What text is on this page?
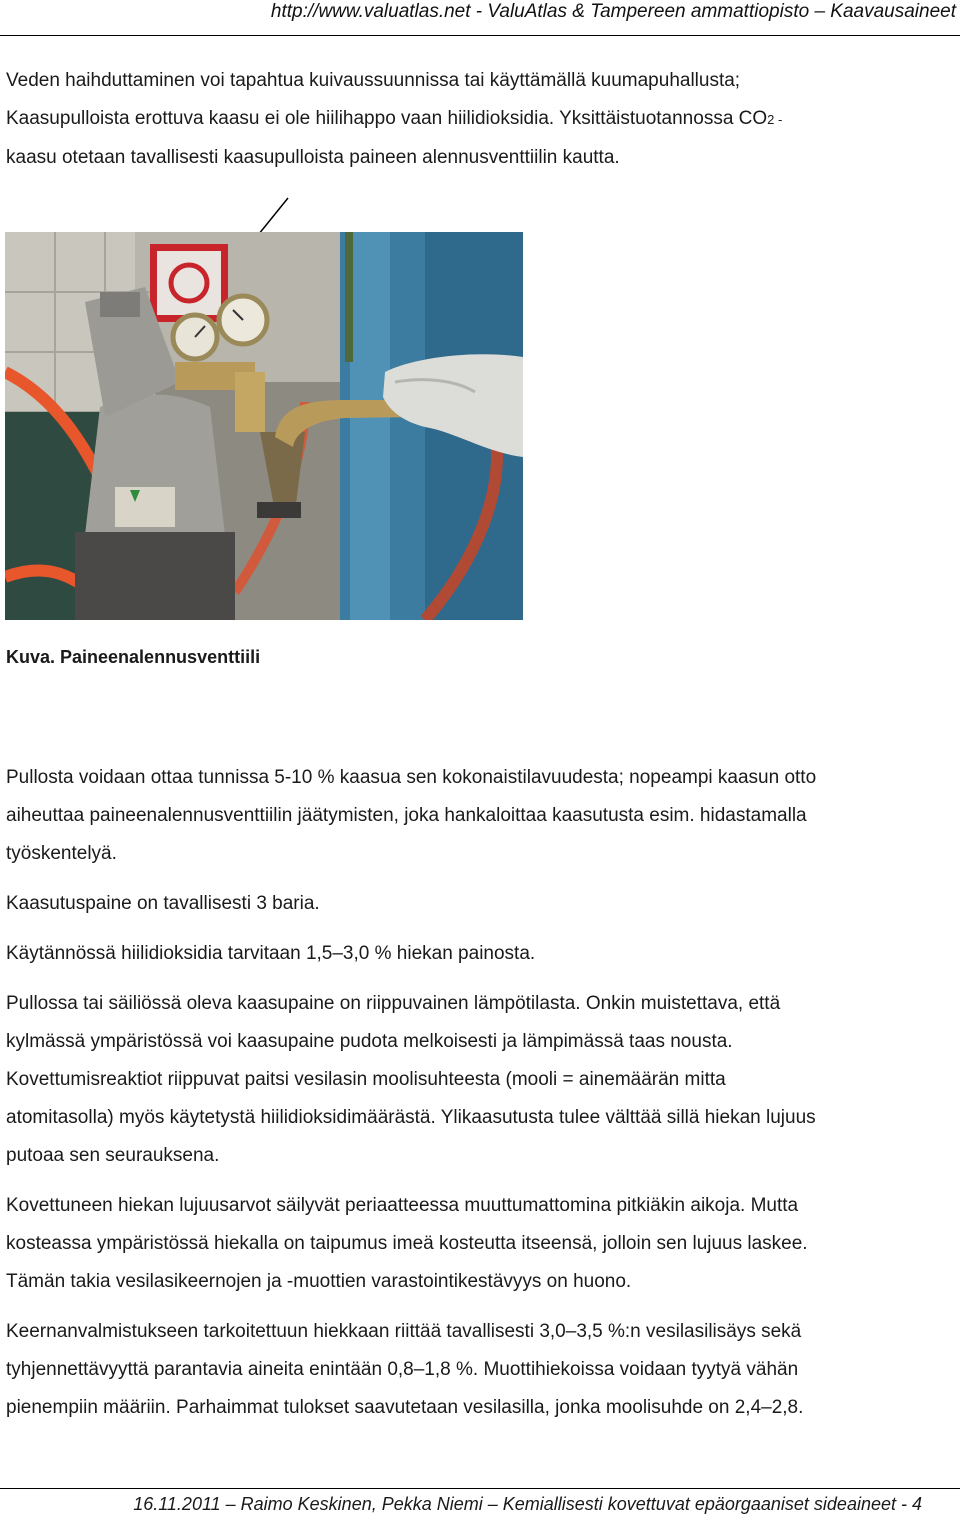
http://www.valuatlas.net - ValuAtlas & Tampereen ammattiopisto – Kaavausaineet
Veden haihduttaminen voi tapahtua kuivaussuunnissa tai käyttämällä kuumapuhallusta;
Kaasupulloista erottuva kaasu ei ole hiilihappo vaan hiilidioksidia. Yksittäistuotannossa CO2 -
kaasu otetaan tavallisesti kaasupulloista paineen alennusventtiilin kautta.
Kuva. Paineenalennusventtiili
Pullosta voidaan ottaa tunnissa 5-10 % kaasua sen kokonaistilavuudesta; nopeampi kaasun otto
aiheuttaa paineenalennusventtiilin jäätymisten, joka hankaloittaa kaasutusta esim. hidastamalla
työskentelyä.
Kaasutuspaine on tavallisesti 3 baria.
Käytännössä hiilidioksidia tarvitaan 1,5–3,0 % hiekan painosta.
Pullossa tai säiliössä oleva kaasupaine on riippuvainen lämpötilasta. Onkin muistettava, että
kylmässä ympäristössä voi kaasupaine pudota melkoisesti ja lämpimässä taas nousta.
Kovettumisreaktiot riippuvat paitsi vesilasin moolisuhteesta (mooli = ainemäärän mitta
atomitasolla) myös käytetystä hiilidioksidimäärästä. Ylikaasutusta tulee välttää sillä hiekan lujuus
putoaa sen seurauksena.
Kovettuneen hiekan lujuusarvot säilyvät periaatteessa muuttumattomina pitkiäkin aikoja. Mutta
kosteassa ympäristössä hiekalla on taipumus imeä kosteutta itseensä, jolloin sen lujuus laskee.
Tämän takia vesilasikeernojen ja -muottien varastointikestävyys on huono.
Keernanvalmistukseen tarkoitettuun hiekkaan riittää tavallisesti 3,0–3,5 %:n vesilasilisäys sekä
tyhjennettävyyttä parantavia aineita enintään 0,8–1,8 %. Muottihiekoissa voidaan tyytyä vähän
pienempiin määriin. Parhaimmat tulokset saavutetaan vesilasilla, jonka moolisuhde on 2,4–2,8.
16.11.2011 – Raimo Keskinen, Pekka Niemi – Kemiallisesti kovettuvat epäorgaaniset sideaineet - 4
